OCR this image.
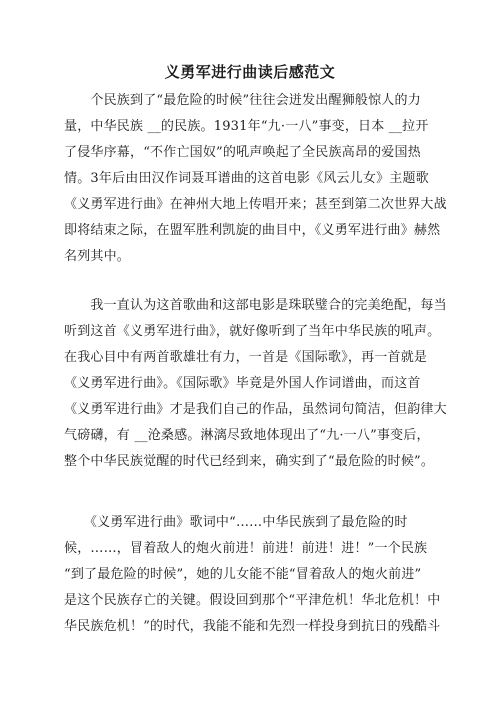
义勇军进行曲读后感范文
　　个民族到了“最危险的时候”往往会迸发出醒狮般惊人的力
量，中华民族 __的民族。1931年“九·一八”事变，日本 __拉开
了侵华序幕，“不作亡国奴”的吼声唤起了全民族高昂的爱国热
情。3年后由田汉作词聂耳谱曲的这首电影《风云儿女》主题歌
《义勇军进行曲》在神州大地上传唱开来；甚至到第二次世界大战
即将结束之际，在盟军胜利凯旋的曲目中，《义勇军进行曲》赫然
名列其中。
　　我一直认为这首歌曲和这部电影是珠联璧合的完美绝配，每当
听到这首《义勇军进行曲》，就好像听到了当年中华民族的吼声。
在我心目中有两首歌雄壮有力，一首是《国际歌》，再一首就是
《义勇军进行曲》。《国际歌》毕竟是外国人作词谱曲，而这首
《义勇军进行曲》才是我们自己的作品，虽然词句简洁，但韵律大
气磅礴，有 __沧桑感。淋漓尽致地体现出了“九·一八”事变后，
整个中华民族觉醒的时代已经到来，确实到了“最危险的时候”。
　　《义勇军进行曲》歌词中“……中华民族到了最危险的时
候，……，冒着敌人的炮火前进！前进！前进！进！”一个民族
“到了最危险的时候”，她的儿女能不能“冒着敌人的炮火前进”
是这个民族存亡的关键。假设回到那个“平津危机！华北危机！中
华民族危机！”的时代，我能不能和先烈一样投身到抗日的残酷斗
